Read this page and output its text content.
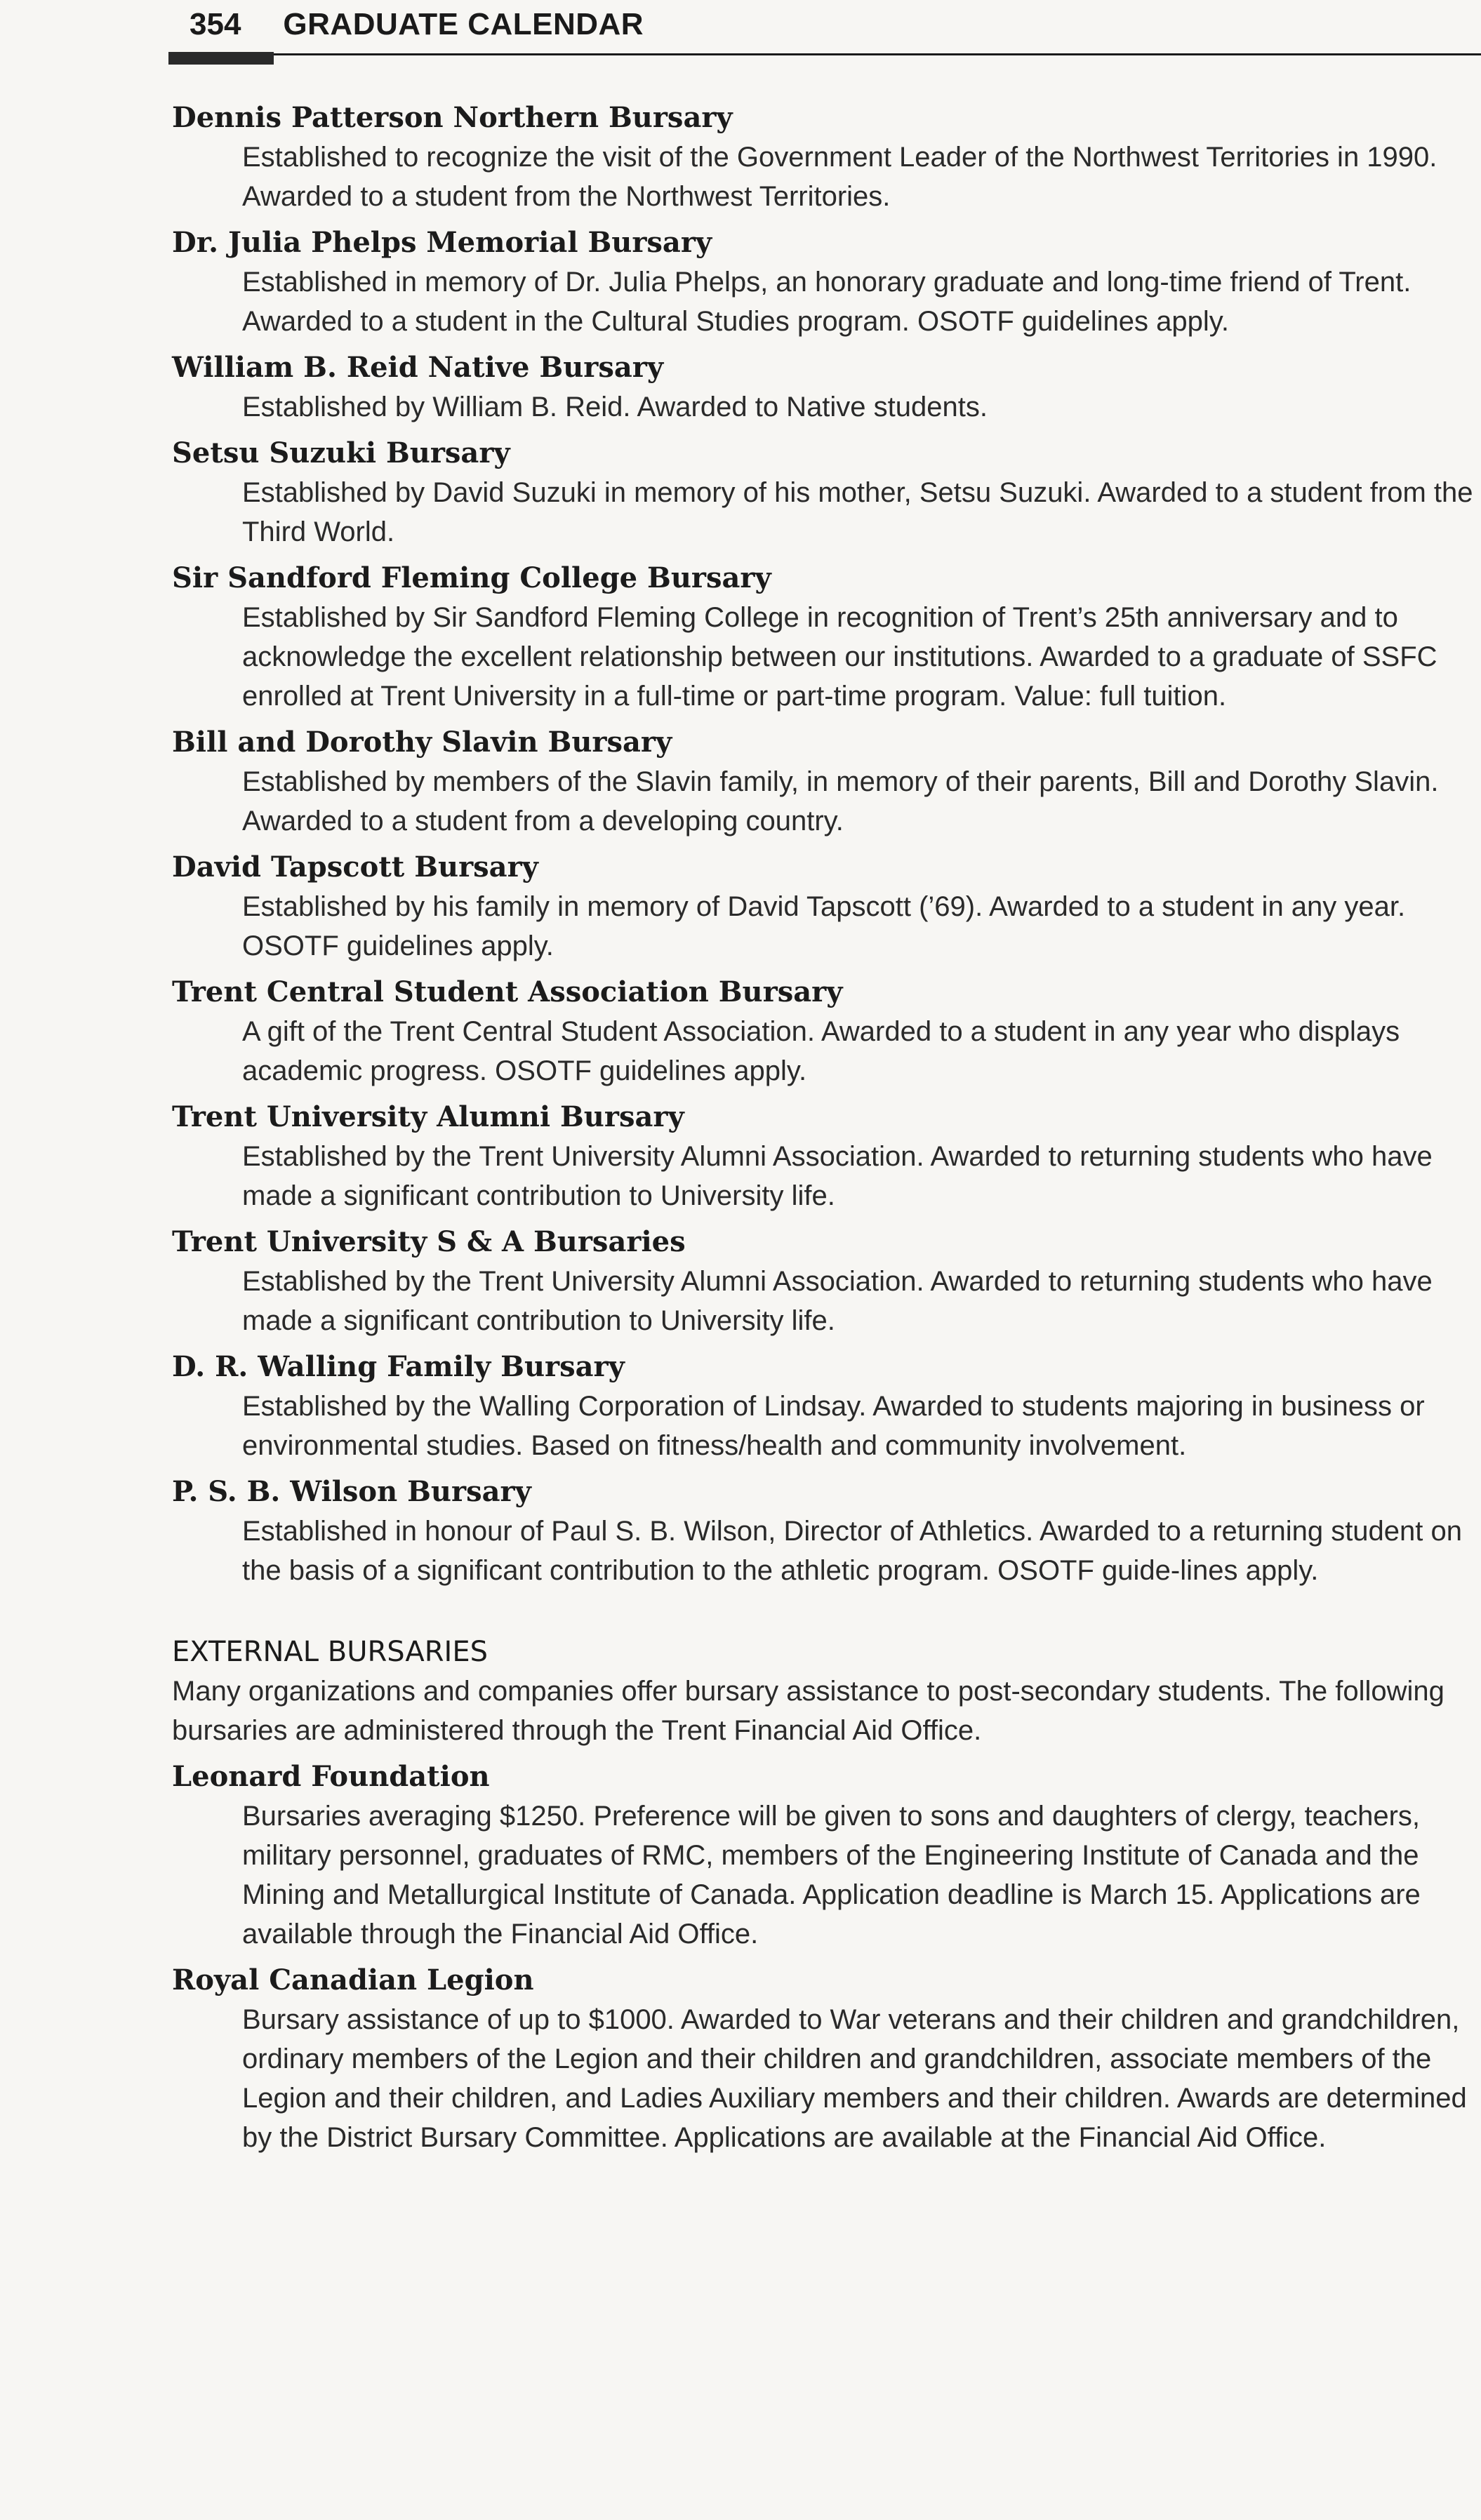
354 GRADUATE CALENDAR
Dennis Patterson Northern Bursary
Established to recognize the visit of the Government Leader of the Northwest Territories in 1990. Awarded to a student from the Northwest Territories.
Dr. Julia Phelps Memorial Bursary
Established in memory of Dr. Julia Phelps, an honorary graduate and long-time friend of Trent. Awarded to a student in the Cultural Studies program. OSOTF guidelines apply.
William B. Reid Native Bursary
Established by William B. Reid. Awarded to Native students.
Setsu Suzuki Bursary
Established by David Suzuki in memory of his mother, Setsu Suzuki. Awarded to a student from the Third World.
Sir Sandford Fleming College Bursary
Established by Sir Sandford Fleming College in recognition of Trent’s 25th anniversary and to acknowledge the excellent relationship between our institutions. Awarded to a graduate of SSFC enrolled at Trent University in a full-time or part-time program. Value: full tuition.
Bill and Dorothy Slavin Bursary
Established by members of the Slavin family, in memory of their parents, Bill and Dorothy Slavin. Awarded to a student from a developing country.
David Tapscott Bursary
Established by his family in memory of David Tapscott (’69). Awarded to a student in any year. OSOTF guidelines apply.
Trent Central Student Association Bursary
A gift of the Trent Central Student Association. Awarded to a student in any year who displays academic progress. OSOTF guidelines apply.
Trent University Alumni Bursary
Established by the Trent University Alumni Association. Awarded to returning students who have made a significant contribution to University life.
Trent University S & A Bursaries
Established by the Trent University Alumni Association. Awarded to returning students who have made a significant contribution to University life.
D. R. Walling Family Bursary
Established by the Walling Corporation of Lindsay. Awarded to students majoring in business or environmental studies. Based on fitness/health and community involvement.
P. S. B. Wilson Bursary
Established in honour of Paul S. B. Wilson, Director of Athletics. Awarded to a returning student on the basis of a significant contribution to the athletic program. OSOTF guide-lines apply.
EXTERNAL BURSARIES
Many organizations and companies offer bursary assistance to post-secondary students. The following bursaries are administered through the Trent Financial Aid Office.
Leonard Foundation
Bursaries averaging $1250. Preference will be given to sons and daughters of clergy, teachers, military personnel, graduates of RMC, members of the Engineering Institute of Canada and the Mining and Metallurgical Institute of Canada. Application deadline is March 15. Applications are available through the Financial Aid Office.
Royal Canadian Legion
Bursary assistance of up to $1000. Awarded to War veterans and their children and grandchildren, ordinary members of the Legion and their children and grandchildren, associate members of the Legion and their children, and Ladies Auxiliary members and their children. Awards are determined by the District Bursary Committee. Applications are available at the Financial Aid Office.
